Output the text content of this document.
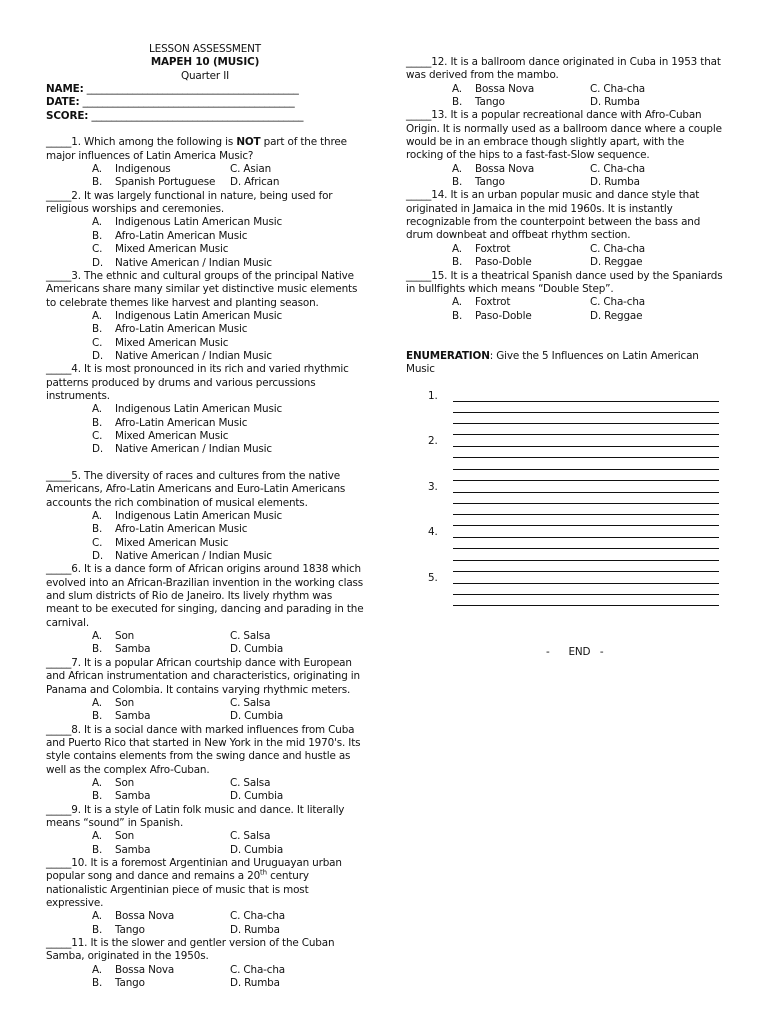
LESSON ASSESSMENT
MAPEH 10 (MUSIC)
Quarter II
NAME: __________________________________________
DATE: __________________________________________
SCORE: __________________________________________
_____1. Which among the following is NOT part of the three major influences of Latin America Music?
A.	Indigenous	C. Asian
B.	Spanish Portuguese	D. African
_____2. It was largely functional in nature, being used for religious worships and ceremonies.
A.	Indigenous Latin American Music
B.	Afro-Latin American Music
C.	Mixed American Music
D.	Native American / Indian Music
_____3. The ethnic and cultural groups of the principal Native Americans share many similar yet distinctive music elements to celebrate themes like harvest and planting season.
A.	Indigenous Latin American Music
B.	Afro-Latin American Music
C.	Mixed American Music
D.	Native American / Indian Music
_____4. It is most pronounced in its rich and varied rhythmic patterns produced by drums and various percussions instruments.
A.	Indigenous Latin American Music
B.	Afro-Latin American Music
C.	Mixed American Music
D.	Native American / Indian Music
_____5. The diversity of races and cultures from the native Americans, Afro-Latin Americans and Euro-Latin Americans accounts the rich combination of musical elements.
A.	Indigenous Latin American Music
B.	Afro-Latin American Music
C.	Mixed American Music
D.	Native American / Indian Music
_____6. It is a dance form of African origins around 1838 which evolved into an African-Brazilian invention in the working class and slum districts of Rio de Janeiro. Its lively rhythm was meant to be executed for singing, dancing and parading in the carnival.
A.	Son	C. Salsa
B.	Samba	D. Cumbia
_____7. It is a popular African courtship dance with European and African instrumentation and characteristics, originating in Panama and Colombia. It contains varying rhythmic meters.
A.	Son	C. Salsa
B.	Samba	D. Cumbia
_____8. It is a social dance with marked influences from Cuba and Puerto Rico that started in New York in the mid 1970's. Its style contains elements from the swing dance and hustle as well as the complex Afro-Cuban.
A.	Son	C. Salsa
B.	Samba	D. Cumbia
_____9. It is a style of Latin folk music and dance. It literally means “sound” in Spanish.
A.	Son	C. Salsa
B.	Samba	D. Cumbia
_____10. It is a foremost Argentinian and Uruguayan urban popular song and dance and remains a 20th century nationalistic Argentinian piece of music that is most expressive.
A.	Bossa Nova	C. Cha-cha
B.	Tango	D. Rumba
_____11. It is the slower and gentler version of the Cuban Samba, originated in the 1950s.
A.	Bossa Nova	C. Cha-cha
B.	Tango	D. Rumba
_____12. It is a ballroom dance originated in Cuba in 1953 that was derived from the mambo.
A.	Bossa Nova	C. Cha-cha
B.	Tango	D. Rumba
_____13. It is a popular recreational dance with Afro-Cuban Origin. It is normally used as a ballroom dance where a couple would be in an embrace though slightly apart, with the rocking of the hips to a fast-fast-Slow sequence.
A.	Bossa Nova	C. Cha-cha
B.	Tango	D. Rumba
_____14. It is an urban popular music and dance style that originated in Jamaica in the mid 1960s. It is instantly recognizable from the counterpoint between the bass and drum downbeat and offbeat rhythm section.
A.	Foxtrot	C. Cha-cha
B.	Paso-Doble	D. Reggae
_____15. It is a theatrical Spanish dance used by the Spaniards in bullfights which means “Double Step”.
A.	Foxtrot	C. Cha-cha
B.	Paso-Doble	D. Reggae
ENUMERATION: Give the 5 Influences on Latin American Music
1.
2.
3.
4.
5.
-      END   -
